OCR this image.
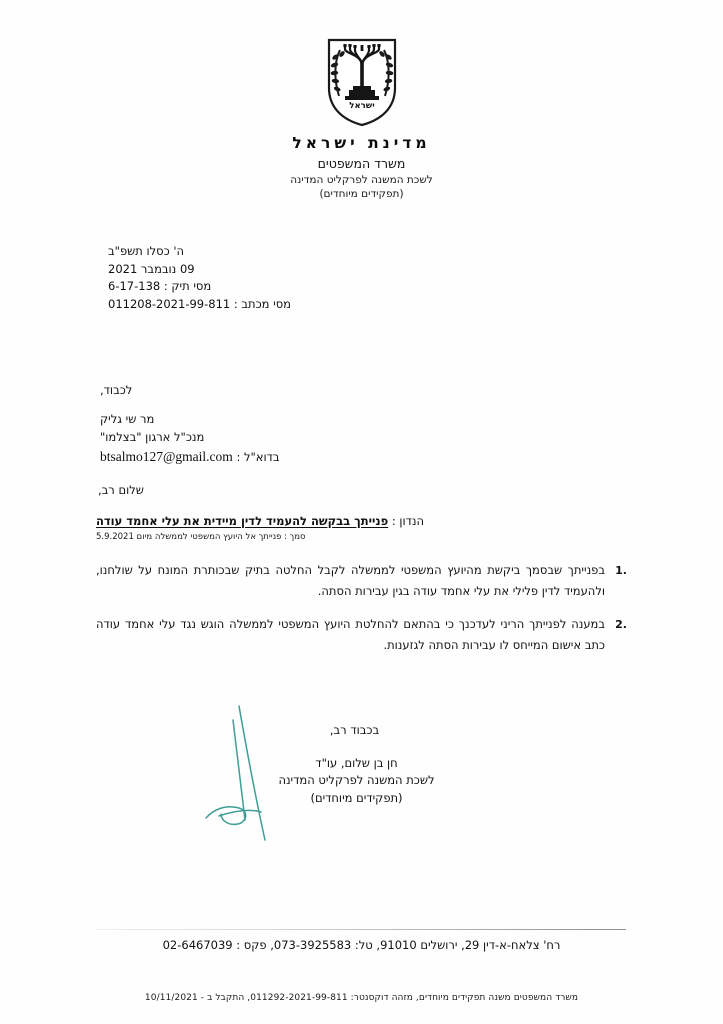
ישראל
מדינת ישראל
משרד המשפטים
לשכת המשנה לפרקליט המדינה
(תפקידים מיוחדים)
ה' כסלו תשפ"ב
09 נובמבר 2021
מסי תיק : 6-17-138
מסי מכתב : 011208-2021-99-811
לכבוד,
מר שי גליק
מנכ"ל ארגון "בצלמו"
בדוא"ל : btsalmo127@gmail.com
שלום רב,
הנדון : פנייתך בבקשה להעמיד לדין מיידית את עלי אחמד עודה
סמך : פנייתך אל היועץ המשפטי לממשלה מיום 5.9.2021
1.
בפנייתך שבסמך ביקשת מהיועץ המשפטי לממשלה לקבל החלטה בתיק שבכותרת המונח על שולחנו, ולהעמיד לדין פלילי את עלי אחמד עודה בגין עבירות הסתה.
2.
במענה לפנייתך הריני לעדכנך כי בהתאם להחלטת היועץ המשפטי לממשלה הוגש נגד עלי אחמד עודה כתב אישום המייחס לו עבירות הסתה לגזענות.
בכבוד רב,
חן בן שלום, עו"ד
לשכת המשנה לפרקליט המדינה
(תפקידים מיוחדים)
רח' צלאח-א-דין 29, ירושלים 91010, טל: 073-3925583, פקס : 02-6467039
משרד המשפטים משנה תפקידים מיוחדים, מזהה דוקסנטר: 011292-2021-99-811, התקבל ב - 10/11/2021
